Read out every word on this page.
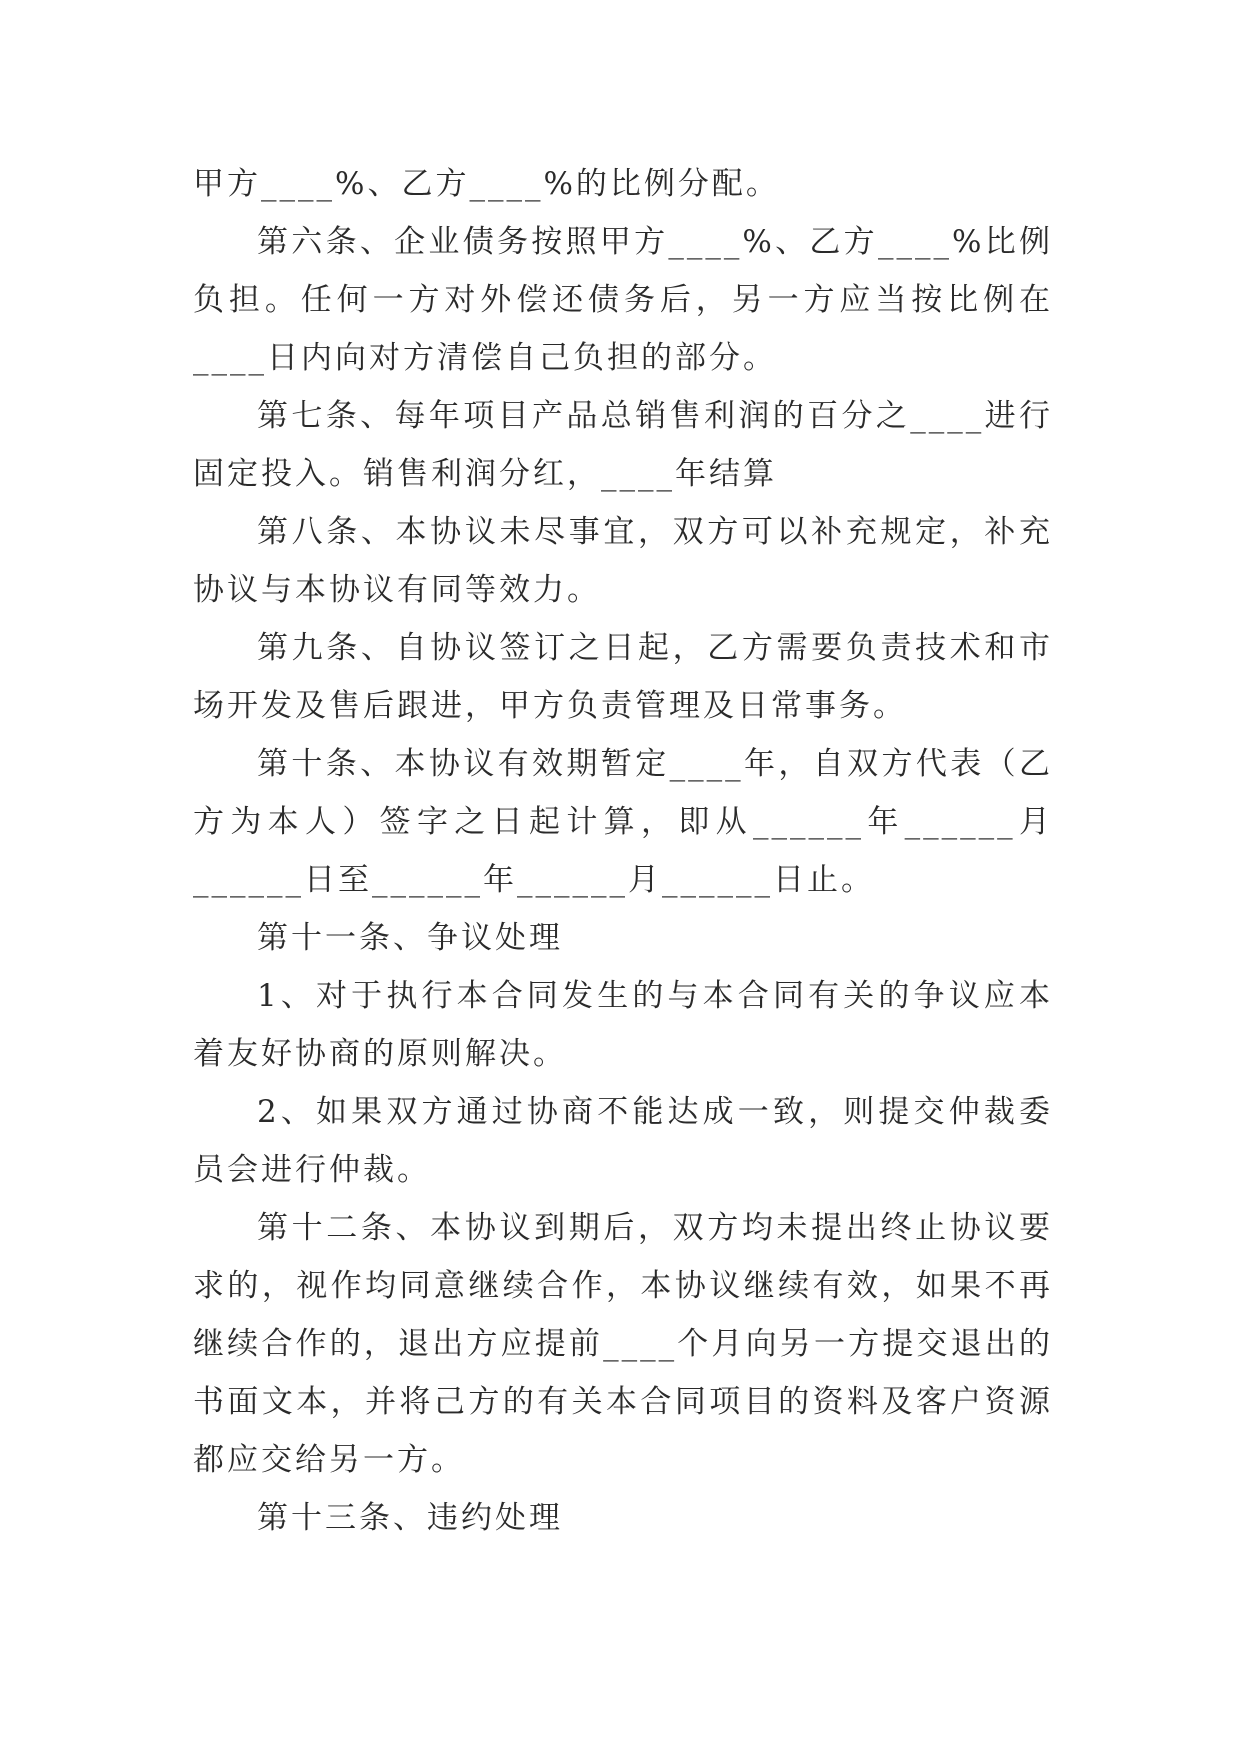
甲方____%、乙方____%的比例分配。

第六条、企业债务按照甲方____%、乙方____%比例负担。任何一方对外偿还债务后，另一方应当按比例在____日内向对方清偿自己负担的部分。

第七条、每年项目产品总销售利润的百分之____进行固定投入。销售利润分红，____年结算

第八条、本协议未尽事宜，双方可以补充规定，补充协议与本协议有同等效力。

第九条、自协议签订之日起，乙方需要负责技术和市场开发及售后跟进，甲方负责管理及日常事务。

第十条、本协议有效期暂定____年，自双方代表（乙方为本人）签字之日起计算，即从______年______月______日至______年______月______日止。

第十一条、争议处理

1、对于执行本合同发生的与本合同有关的争议应本着友好协商的原则解决。

2、如果双方通过协商不能达成一致，则提交仲裁委员会进行仲裁。

第十二条、本协议到期后，双方均未提出终止协议要求的，视作均同意继续合作，本协议继续有效，如果不再继续合作的，退出方应提前____个月向另一方提交退出的书面文本，并将己方的有关本合同项目的资料及客户资源都应交给另一方。

第十三条、违约处理
